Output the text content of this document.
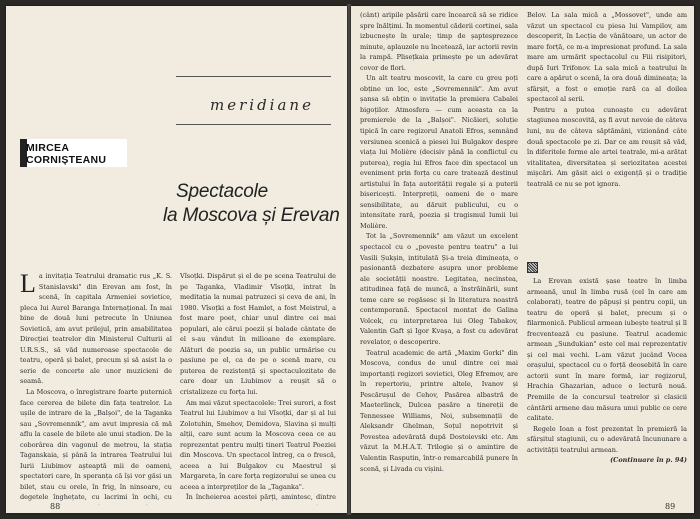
meridiane
MIRCEA
CORNIȘTEANU
Spectacole
la Moscova și Erevan
L a invitația Teatrului dramatic rus „K. S. Stanislavski" din Erevan am fost, în scenă, în capitala Armeniei sovietice, pleca lui Aurel Baranga Internațional. În mai bine de două luni petrecute în Uniunea Sovietică, am avut prilejul, prin amabilitatea Direcției teatrelor din Ministerul Culturii al U.R.S.S., să văd numeroase spectacole de teatru, operă și balet, precum și să asist la o serie de concerte ale unor muzicieni de seamă.

La Moscova, o înregistrare foarte puternică face cererea de bilete din fața teatrelor. La ușile de intrare de la „Balșoi", de la Taganka sau „Sovremennik", am avut impresia că mă aflu la casele de bilete ale unui stadion. De la coborârea din vagonul de metrou, la stația Taganskaia, și până la intrarea Teatrului lui Iurii Liubimov așteaptă mii de oameni, spectatori care, în speranța că își vor găsi un bilet, stau cu orele, în frig, în ninsoare, cu degetele înghețate, cu lacrimi în ochi, cu

Vîsoțki. Dispărut și el de pe scena Teatrului de pe Taganka, Vladimir Vîsoțki, intrat în meditația la numai patruzeci și ceva de ani, în 1980. Vîsoțki a fost Hamlet, a fost Meistrul, a fost mare poet, chiar unul dintre cei mai populari, ale cărui poezii și balade cântate de el s-au vândut în milioane de exemplare. Alături de poezia sa, un public urmărise cu pasiune pe el, ca de pe o scenă mare, cu puterea de rezistență și spectaculozitate de care doar un Liubimov a reușit să o cristalizeze cu forța lui.

Am mai văzut spectacolele: Trei surori, a fost Teatrul lui Liubimov a lui Vîsoțki, dar și al lui Zolotuhin, Smehov, Demidova, Slavina și mulți alții, care sunt acum la Moscova ceea ce au reprezentat pentru mulți tineri Teatrul Poeziei din Moscova. Un spectacol întreg, ca o frescă, aceea a lui Bulgakov cu Maestrul și Margareta, în care forța regizorului se unea cu aceea a interpreților de la „Taganka".

În încheierea acestei părți, amintesc, dintre

88

(cânt) aripile păsării care încearcă să se ridice spre înălțimi. În momentul căderii cortinei, sala izbucnește în urale; timp de șaptesprezece minute, aplauzele nu încetează, iar actorii revin la rampă. Plisețkaia primește pe un adevărat covor de flori.

Un alt teatru moscovit, la care cu greu poți obține un loc, este „Sovremennik". Am avut șansa să obțin o invitație la premiera Cabalei bigoților. Atmosfera — cum aceasta ca la premierele de la „Balșoi". Nicăieri, soluție tipică în care regizorul Anatoli Efros, semnând versiunea scenică a piesei lui Bulgakov despre viața lui Molière (decisiv până la conflictul cu puterea), regia lui Efros face din spectacol un eveniment prin forța cu care tratează destinul artistului în fața autorității regale și a puterii bisericești. Interpreții, oameni de o mare sensibilitate, au dăruit publicului, cu o intensitate rară, poezia și tragismul lumii lui Molière.

Tot la „Sovremennik" am văzut un excelent spectacol cu o „poveste pentru teatru" a lui Vasili Șukșin, intitulată Și-a treia dimineața, o pasionantă dezbatere asupra unor probleme ale societății noastre. Legitatea, necinstea, atitudinea față de muncă, a înstrăinării, sunt teme care se regăsesc și în literatura noastră contemporană. Spectacol montat de Galina Volcek, cu interpretarea lui Oleg Tabakov, Valentin Gaft și Igor Kvașa, a fost cu adevărat revelator, o descoperire.

Teatrul academic de artă „Maxim Gorki" din Moscova, condus de unul dintre cei mai importanți regizori sovietici, Oleg Efremov, are în repertoriu, printre altele, Ivanov și Pescărușul de Cehov, Pasărea albastră de Maeterlinck, Dulcea pasăre a tinereții de Tennessee Williams, Noi, subsemnații de Aleksandr Ghelman, Soțul nepotrivit și Povestea adevărată după Dostoievski etc. Am văzut la M.H.A.T. Trilogie și o amintire de Valentin Rasputin, într-o remarcabilă punere în scenă, și Livada cu vișini.

Belov. La sala mică a „Mossovet", unde am văzut un spectacol cu piesa lui Vampilov, am descoperit, în Lecția de vânătoare, un actor de mare forță, ce m-a impresionat profund. La sala mare am urmărit spectacolul cu Fiii risipitori, după Iuri Trifonov. La sala mică a teatrului în care a apărut o scenă, la ora două dimineața; la sfârșit, a fost o emoție rară ca al doilea spectacol al serii.

Pentru a putea cunoaște cu adevărat stagiunea moscovită, aș fi avut nevoie de câteva luni, nu de câteva săptămâni, vizionând câte două spectacole pe zi. Dar ce am reușit să văd, în diferitele forme ale artei teatrale, mi-a arătat vitalitatea, diversitatea și seriozitatea acestei mișcări. Am găsit aici o exigență și o tradiție teatrală ce nu se pot ignora.

La Erevan există șase teatre în limba armeană, unul în limba rusă (cel în care am colaborat), teatre de păpuși și pentru copii, un teatru de operă și balet, precum și o filarmonică. Publicul armean iubește teatrul și îl frecventează cu pasiune. Teatrul academic armean „Sundukian" este cel mai reprezentativ și cel mai vechi. L-am văzut jucând Vocea orașului, spectacol cu o forță deosebită în care actorii sunt în mare formă, iar regizorul, Hrachia Ghazarian, aduce o lectură nouă. Premiile de la concursul teatrelor și clasicii cântării armene dau măsura unui public ce cere calitate.

Regele Ioan a fost prezentat în premieră la sfârșitul stagiunii, cu o adevărată încununare a activității teatrului armean.

(Continuare în p. 94)

89
